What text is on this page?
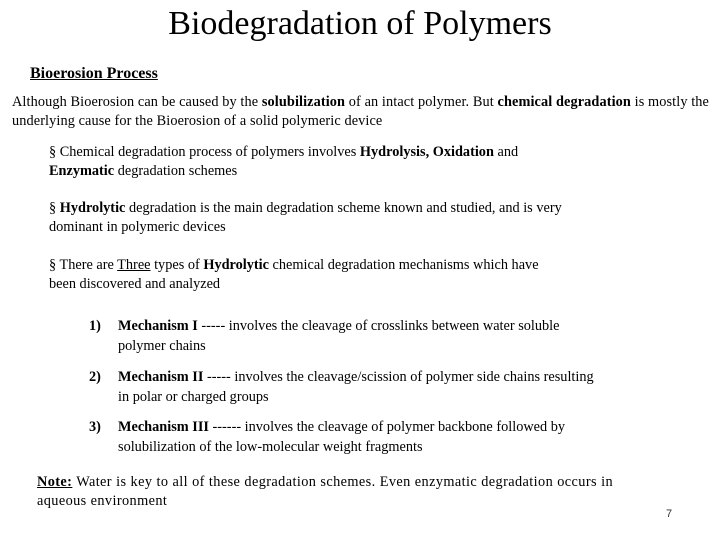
Biodegradation of Polymers
Bioerosion Process
Although Bioerosion can be caused by the solubilization of an intact polymer. But chemical degradation is mostly the underlying cause for the Bioerosion of a solid polymeric device
§ Chemical degradation process of polymers involves Hydrolysis, Oxidation and Enzymatic degradation schemes
§ Hydrolytic degradation is the main degradation scheme known and studied, and is very dominant in polymeric devices
§ There are Three types of Hydrolytic chemical degradation mechanisms which have been discovered and analyzed
1) Mechanism I ----- involves the cleavage of crosslinks between water soluble
polymer chains
2) Mechanism II ----- involves the cleavage/scission of polymer side chains resulting
in polar or charged groups
3) Mechanism III ------ involves the cleavage of polymer backbone followed by
solubilization of the low-molecular weight fragments
Note: Water is key to all of these degradation schemes. Even enzymatic degradation occurs in aqueous environment
7
